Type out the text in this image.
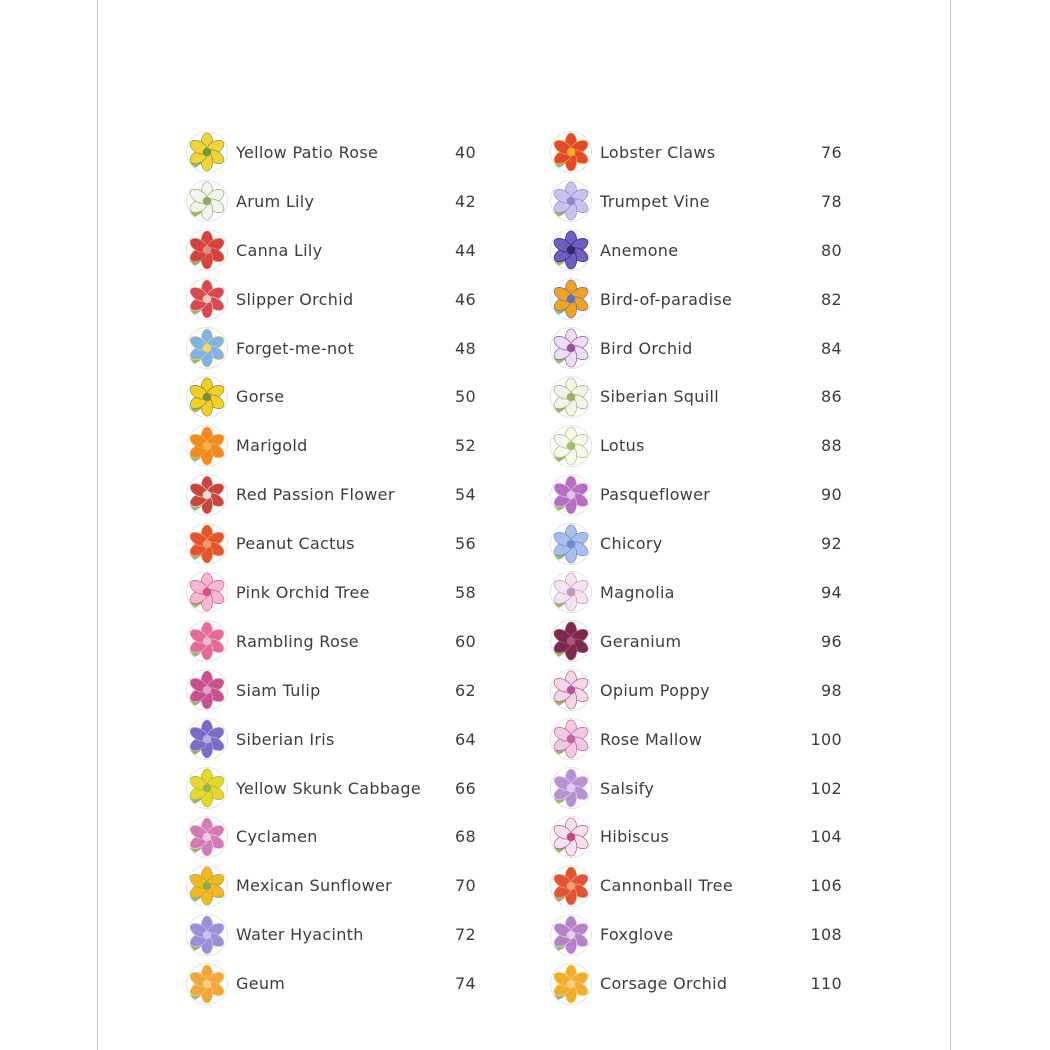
Yellow Patio Rose	40
Arum Lily	42
Canna Lily	44
Slipper Orchid	46
Forget-me-not	48
Gorse	50
Marigold	52
Red Passion Flower	54
Peanut Cactus	56
Pink Orchid Tree	58
Rambling Rose	60
Siam Tulip	62
Siberian Iris	64
Yellow Skunk Cabbage 66
Cyclamen	68
Mexican Sunflower	70
Water Hyacinth	72
Geum	74
Lobster Claws	76
Trumpet Vine	78
Anemone	80
Bird-of-paradise	82
Bird Orchid	84
Siberian Squill	86
Lotus	88
Pasqueflower	90
Chicory	92
Magnolia	94
Geranium	96
Opium Poppy	98
Rose Mallow	100
Salsify	102
Hibiscus	104
Cannonball Tree	106
Foxglove	108
Corsage Orchid	110
